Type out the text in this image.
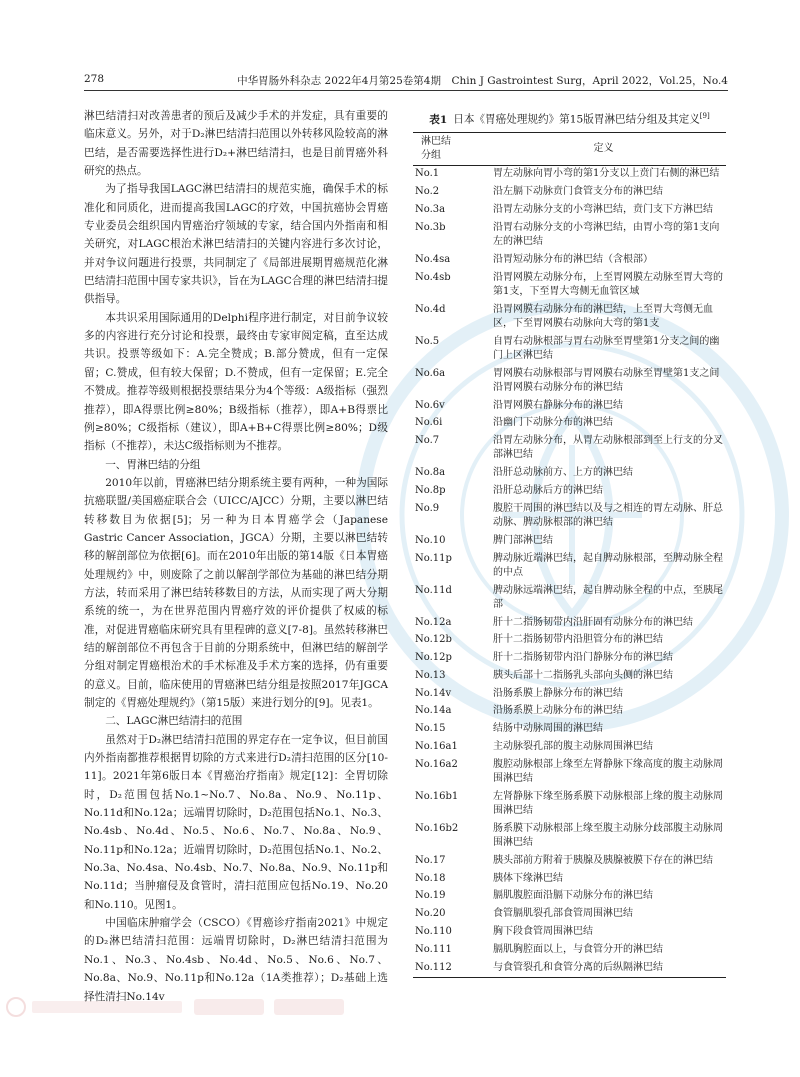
278	中华胃肠外科杂志 2022年4月第25卷第4期　Chin J Gastrointest Surg，April 2022，Vol.25，No.4

淋巴结清扫对改善患者的预后及减少手术的并发症，具有重要的临床意义。另外，对于D₂淋巴结清扫范围以外转移风险较高的淋巴结，是否需要选择性进行D₂+淋巴结清扫，也是目前胃癌外科研究的热点。

为了指导我国LAGC淋巴结清扫的规范实施，确保手术的标准化和同质化，进而提高我国LAGC的疗效，中国抗癌协会胃癌专业委员会组织国内胃癌治疗领域的专家，结合国内外指南和相关研究，对LAGC根治术淋巴结清扫的关键内容进行多次讨论，并对争议问题进行投票，共同制定了《局部进展期胃癌规范化淋巴结清扫范围中国专家共识》，旨在为LAGC合理的淋巴结清扫提供指导。

本共识采用国际通用的Delphi程序进行制定，对目前争议较多的内容进行充分讨论和投票，最终由专家审阅定稿，直至达成共识。投票等级如下：A.完全赞成；B.部分赞成，但有一定保留；C.赞成，但有较大保留；D.不赞成，但有一定保留；E.完全不赞成。推荐等级则根据投票结果分为4个等级：A级指标（强烈推荐），即A得票比例≥80%；B级指标（推荐），即A+B得票比例≥80%；C级指标（建议），即A+B+C得票比例≥80%；D级指标（不推荐），未达C级指标则为不推荐。

一、胃淋巴结的分组

2010年以前，胃癌淋巴结分期系统主要有两种，一种为国际抗癌联盟/美国癌症联合会（UICC/AJCC）分期，主要以淋巴结转移数目为依据[5]；另一种为日本胃癌学会（Japanese Gastric Cancer Association，JGCA）分期，主要以淋巴结转移的解剖部位为依据[6]。而在2010年出版的第14版《日本胃癌处理规约》中，则废除了之前以解剖学部位为基础的淋巴结分期方法，转而采用了淋巴结转移数目的方法，从而实现了两大分期系统的统一，为在世界范围内胃癌疗效的评价提供了权威的标准，对促进胃癌临床研究具有里程碑的意义[7-8]。虽然转移淋巴结的解剖部位不再包含于目前的分期系统中，但淋巴结的解剖学分组对制定胃癌根治术的手术标准及手术方案的选择，仍有重要的意义。目前，临床使用的胃癌淋巴结分组是按照2017年JGCA制定的《胃癌处理规约》（第15版）来进行划分的[9]。见表1。

二、LAGC淋巴结清扫的范围

虽然对于D₂淋巴结清扫范围的界定存在一定争议，但目前国内外指南都推荐根据胃切除的方式来进行D₂清扫范围的区分[10-11]。2021年第6版日本《胃癌治疗指南》规定[12]：全胃切除时，D₂范围包括No.1~No.7、No.8a、No.9、No.11p、No.11d和No.12a；远端胃切除时，D₂范围包括No.1、No.3、No.4sb、No.4d、No.5、No.6、No.7、No.8a、No.9、No.11p和No.12a；近端胃切除时，D₂范围包括No.1、No.2、No.3a、No.4sa、No.4sb、No.7、No.8a、No.9、No.11p和No.11d；当肿瘤侵及食管时，清扫范围应包括No.19、No.20和No.110。见图1。

中国临床肿瘤学会（CSCO）《胃癌诊疗指南2021》中规定的D₂淋巴结清扫范围：远端胃切除时，D₂淋巴结清扫范围为No.1、No.3、No.4sb、No.4d、No.5、No.6、No.7、No.8a、No.9、No.11p和No.12a（1A类推荐）；D₂基础上选择性清扫No.14v

表1 日本《胃癌处理规约》第15版胃淋巴结分组及其定义[9]
淋巴结
分组	定义
No.1	胃左动脉向胃小弯的第1分支以上贲门右侧的淋巴结
No.2	沿左膈下动脉贲门食管支分布的淋巴结
No.3a	沿胃左动脉分支的小弯淋巴结，贲门支下方淋巴结
No.3b	沿胃右动脉分支的小弯淋巴结，由胃小弯的第1支向左的淋巴结
No.4sa	沿胃短动脉分布的淋巴结（含根部）
No.4sb	沿胃网膜左动脉分布，上至胃网膜左动脉至胃大弯的第1支，下至胃大弯侧无血管区域
No.4d	沿胃网膜右动脉分布的淋巴结，上至胃大弯侧无血区，下至胃网膜右动脉向大弯的第1支
No.5	自胃右动脉根部与胃右动脉至胃壁第1分支之间的幽门上区淋巴结
No.6a	胃网膜右动脉根部与胃网膜右动脉至胃壁第1支之间沿胃网膜右动脉分布的淋巴结
No.6v	沿胃网膜右静脉分布的淋巴结
No.6i	沿幽门下动脉分布的淋巴结
No.7	沿胃左动脉分布，从胃左动脉根部到至上行支的分叉部淋巴结
No.8a	沿肝总动脉前方、上方的淋巴结
No.8p	沿肝总动脉后方的淋巴结
No.9	腹腔干周围的淋巴结以及与之相连的胃左动脉、肝总动脉、脾动脉根部的淋巴结
No.10	脾门部淋巴结
No.11p	脾动脉近端淋巴结，起自脾动脉根部，至脾动脉全程的中点
No.11d	脾动脉远端淋巴结，起自脾动脉全程的中点，至胰尾部
No.12a	肝十二指肠韧带内沿肝固有动脉分布的淋巴结
No.12b	肝十二指肠韧带内沿胆管分布的淋巴结
No.12p	肝十二指肠韧带内沿门静脉分布的淋巴结
No.13	胰头后部十二指肠乳头部向头侧的淋巴结
No.14v	沿肠系膜上静脉分布的淋巴结
No.14a	沿肠系膜上动脉分布的淋巴结
No.15	结肠中动脉周围的淋巴结
No.16a1	主动脉裂孔部的腹主动脉周围淋巴结
No.16a2	腹腔动脉根部上缘至左肾静脉下缘高度的腹主动脉周围淋巴结
No.16b1	左肾静脉下缘至肠系膜下动脉根部上缘的腹主动脉周围淋巴结
No.16b2	肠系膜下动脉根部上缘至腹主动脉分歧部腹主动脉周围淋巴结
No.17	胰头部前方附着于胰腺及胰腺被膜下存在的淋巴结
No.18	胰体下缘淋巴结
No.19	膈肌腹腔面沿膈下动脉分布的淋巴结
No.20	食管膈肌裂孔部食管周围淋巴结
No.110	胸下段食管周围淋巴结
No.111	膈肌胸腔面以上，与食管分开的淋巴结
No.112	与食管裂孔和食管分离的后纵隔淋巴结
